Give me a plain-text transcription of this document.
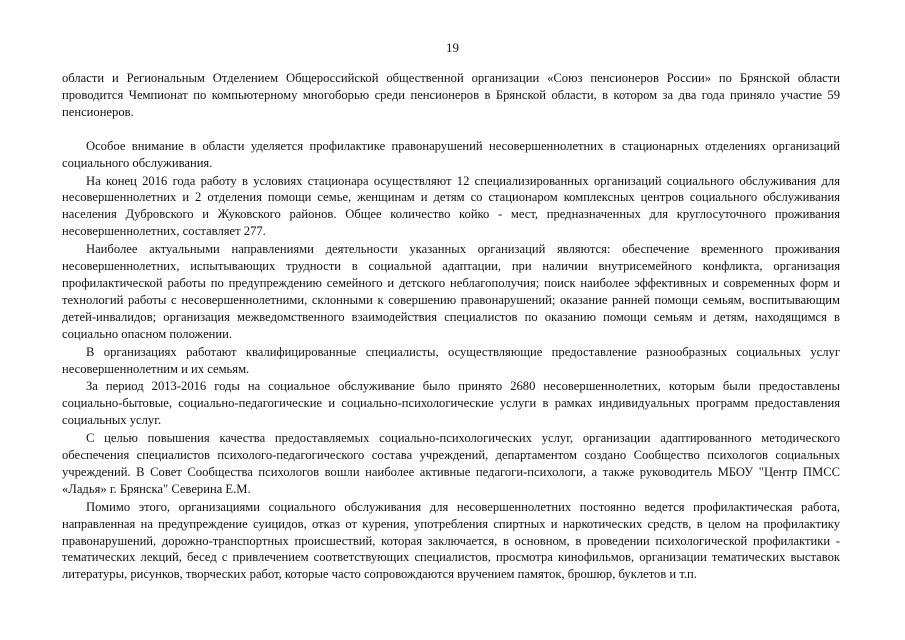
19

области и Региональным Отделением Общероссийской общественной организации «Союз пенсионеров России» по Брянской области проводится Чемпионат по компьютерному многоборью среди пенсионеров в Брянской области, в котором за два года приняло участие 59 пенсионеров.

Особое внимание в области уделяется профилактике правонарушений несовершеннолетних в стационарных отделениях организаций социального обслуживания.

На конец 2016 года работу в условиях стационара осуществляют 12 специализированных организаций социального обслуживания для несовершеннолетних и 2 отделения помощи семье, женщинам и детям со стационаром комплексных центров социального обслуживания населения Дубровского и Жуковского районов. Общее количество койко - мест, предназначенных для круглосуточного проживания несовершеннолетних, составляет 277.

Наиболее актуальными направлениями деятельности указанных организаций являются: обеспечение временного проживания несовершеннолетних, испытывающих трудности в социальной адаптации, при наличии внутрисемейного конфликта, организация профилактической работы по предупреждению семейного и детского неблагополучия; поиск наиболее эффективных и современных форм и технологий работы с несовершеннолетними, склонными к совершению правонарушений; оказание ранней помощи семьям, воспитывающим детей-инвалидов; организация межведомственного взаимодействия специалистов по оказанию помощи семьям и детям, находящимся в социально опасном положении.

В организациях работают квалифицированные специалисты, осуществляющие предоставление разнообразных социальных услуг несовершеннолетним и их семьям.

За период 2013-2016 годы на социальное обслуживание было принято 2680 несовершеннолетних, которым были предоставлены социально-бытовые, социально-педагогические и социально-психологические услуги в рамках индивидуальных программ предоставления социальных услуг.

С целью повышения качества предоставляемых социально-психологических услуг, организации адаптированного методического обеспечения специалистов психолого-педагогического состава учреждений, департаментом создано Сообщество психологов социальных учреждений. В Совет Сообщества психологов вошли наиболее активные педагоги-психологи, а также руководитель МБОУ "Центр ПМСС «Ладья» г. Брянска" Северина Е.М.

Помимо этого, организациями социального обслуживания для несовершеннолетних постоянно ведется профилактическая работа, направленная на предупреждение суицидов, отказ от курения, употребления спиртных и наркотических средств, в целом на профилактику правонарушений, дорожно-транспортных происшествий, которая заключается, в основном, в проведении психологической профилактики - тематических лекций, бесед с привлечением соответствующих специалистов, просмотра кинофильмов, организации тематических выставок литературы, рисунков, творческих работ, которые часто сопровождаются вручением памяток, брошюр, буклетов и т.п.
